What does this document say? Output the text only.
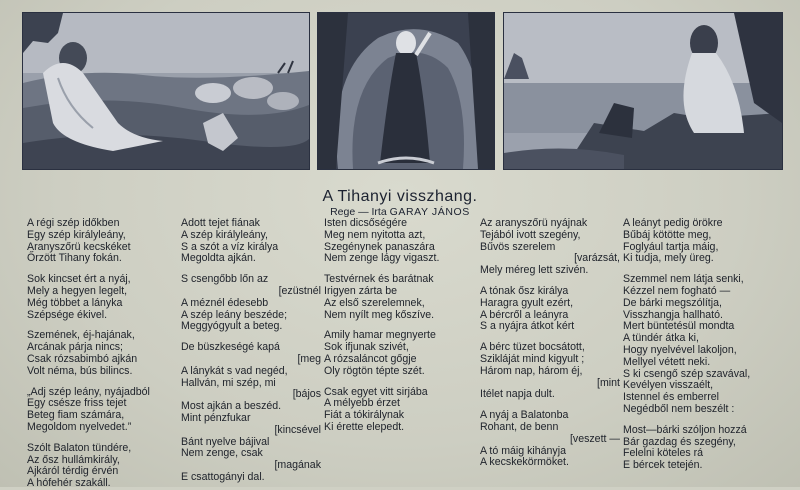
A Tihanyi visszhang.
Rege — Irta GARAY JÁNOS
A régi szép időkben
Egy szép királyleány,
Aranyszőrü kecskéket
Őrzött Tihany fokán.
Sok kincset ért a nyáj,
Mely a hegyen legelt,
Még többet a lányka
Szépsége ékivel.
Szemének, éj-hajának,
Arcának párja nincs;
Csak rózsabimbó ajkán
Volt néma, bús bilincs.
„Adj szép leány, nyájadból
Egy csésze friss tejet
Beteg fiam számára,
Megoldom nyelvedet.”
Szólt Balaton tündére,
Az ősz hullámkirály,
Ajkáról térdig érvén
A hófehér szakáll.
Adott tejet fiának
A szép királyleány,
S a szót a víz királya
Megoldta ajkán.
S csengőbb lőn az
[ezüstnél
A méznél édesebb
A szép leány beszéde;
Meggyógyult a beteg.
De büszkeségé kapá
[meg
A lánykát s vad negéd,
Hallván, mi szép, mi
[bájos
Most ajkán a beszéd.
Mint pénzfukar
[kincsével
Bánt nyelve bájival
Nem zenge, csak
[magának
E csattogányi dal.
Isten dicsőségére
Meg nem nyitotta azt,
Szegénynek panaszára
Nem zenge lágy vigaszt.
Testvérnek és barátnak
Irigyen zárta be
Az első szerelemnek,
Nem nyílt meg kőszíve.
Amily hamar megnyerte
Sok ifjunak szivét,
A rózsaláncot gőgje
Oly rögtön tépte szét.
Csak egyet vitt sirjába
A mélyebb érzet
Fiát a tókirálynak
Ki érette elepedt.
Az aranyszőrü nyájnak
Tejából ivott szegény,
Bűvös szerelem
[varázsát,
Mely méreg lett szivén.
A tónak ősz királya
Haragra gyult ezért,
A bércről a leányra
S a nyájra átkot kért
A bérc tüzet bocsátott,
Szikláját mind kigyult ;
Három nap, három éj,
[mint
Itélet napja dult.
A nyáj a Balatonba
Rohant, de benn
[veszett —
A tó máig kihányja
A kecskekörmöket.
A leányt pedig örökre
Bűbáj kötötte meg,
Foglyául tartja máig,
Ki tudja, mely üreg.
Szemmel nem látja senki,
Kézzel nem fogható —
De bárki megszólítja,
Visszhangja hallható.
Mert büntetésül mondta
A tündér átka ki,
Hogy nyelvével lakoljon,
Mellyel vétett neki.
S ki csengő szép szavával,
Kevélyen visszaélt,
Istennel és emberrel
Negédből nem beszélt :
Most—bárki szóljon hozzá
Bár gazdag és szegény,
Felelni köteles rá
E bércek tetején.
